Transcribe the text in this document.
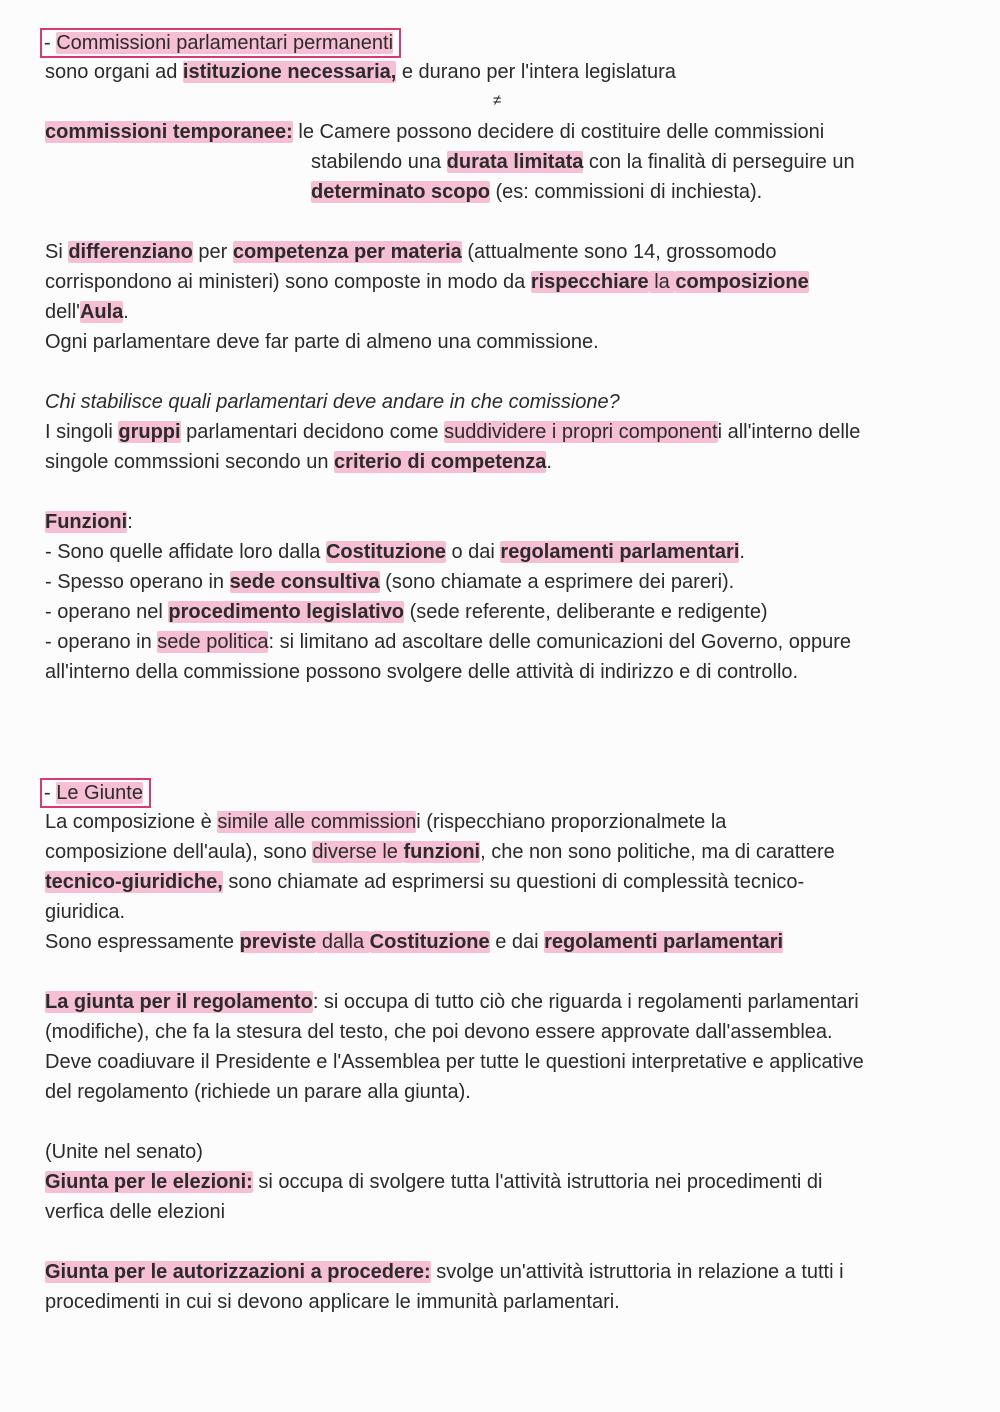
- Commissioni parlamentari permanenti
sono organi ad istituzione necessaria, e durano per l'intera legislatura
≠
commissioni temporanee: le Camere possono decidere di costituire delle commissioni
stabilendo una durata limitata con la finalità di perseguire un
determinato scopo (es: commissioni di inchiesta).
Si differenziano per competenza per materia (attualmente sono 14, grossomodo
corrispondono ai ministeri) sono composte in modo da rispecchiare la composizione
dell'Aula.
Ogni parlamentare deve far parte di almeno una commissione.
Chi stabilisce quali parlamentari deve andare in che comissione?
I singoli gruppi parlamentari decidono come suddividere i propri componenti all'interno delle
singole commssioni secondo un criterio di competenza.
Funzioni:
- Sono quelle affidate loro dalla Costituzione o dai regolamenti parlamentari.
- Spesso operano in sede consultiva (sono chiamate a esprimere dei pareri).
- operano nel procedimento legislativo (sede referente, deliberante e redigente)
- operano in sede politica: si limitano ad ascoltare delle comunicazioni del Governo, oppure
all'interno della commissione possono svolgere delle attività di indirizzo e di controllo.
- Le Giunte
La composizione è simile alle commissioni (rispecchiano proporzionalmete la
composizione dell'aula), sono diverse le funzioni, che non sono politiche, ma di carattere
tecnico-giuridiche, sono chiamate ad esprimersi su questioni di complessità tecnico-
giuridica.
Sono espressamente previste dalla Costituzione e dai regolamenti parlamentari
La giunta per il regolamento: si occupa di tutto ciò che riguarda i regolamenti parlamentari
(modifiche), che fa la stesura del testo, che poi devono essere approvate dall'assemblea.
Deve coadiuvare il Presidente e l'Assemblea per tutte le questioni interpretative e applicative
del regolamento (richiede un parare alla giunta).
(Unite nel senato)
Giunta per le elezioni: si occupa di svolgere tutta l'attività istruttoria nei procedimenti di
verfica delle elezioni
Giunta per le autorizzazioni a procedere: svolge un'attività istruttoria in relazione a tutti i
procedimenti in cui si devono applicare le immunità parlamentari.
